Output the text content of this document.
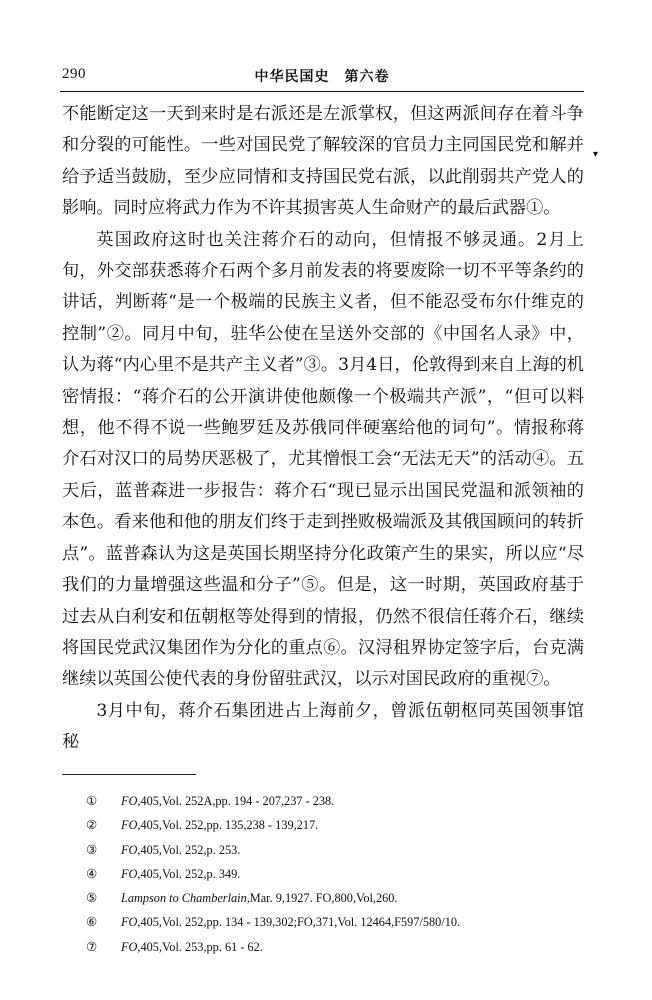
290	中华民国史　第六卷
▾

不能断定这一天到来时是右派还是左派掌权，但这两派间存在着斗争和分裂的可能性。一些对国民党了解较深的官员力主同国民党和解并给予适当鼓励，至少应同情和支持国民党右派，以此削弱共产党人的影响。同时应将武力作为不许其损害英人生命财产的最后武器①。

英国政府这时也关注蒋介石的动向，但情报不够灵通。2月上旬，外交部获悉蒋介石两个多月前发表的将要废除一切不平等条约的讲话，判断蒋“是一个极端的民族主义者，但不能忍受布尔什维克的控制”②。同月中旬，驻华公使在呈送外交部的《中国名人录》中，认为蒋“内心里不是共产主义者”③。3月4日，伦敦得到来自上海的机密情报：“蒋介石的公开演讲使他颇像一个极端共产派”，“但可以料想，他不得不说一些鲍罗廷及苏俄同伴硬塞给他的词句”。情报称蒋介石对汉口的局势厌恶极了，尤其憎恨工会“无法无天”的活动④。五天后，蓝普森进一步报告：蒋介石“现已显示出国民党温和派领袖的本色。看来他和他的朋友们终于走到挫败极端派及其俄国顾问的转折点”。蓝普森认为这是英国长期坚持分化政策产生的果实，所以应“尽我们的力量增强这些温和分子”⑤。但是，这一时期，英国政府基于过去从白利安和伍朝枢等处得到的情报，仍然不很信任蒋介石，继续将国民党武汉集团作为分化的重点⑥。汉浔租界协定签字后，台克满继续以英国公使代表的身份留驻武汉，以示对国民政府的重视⑦。

3月中旬，蒋介石集团进占上海前夕，曾派伍朝枢同英国领事馆秘

① FO,405,Vol. 252A,pp. 194 - 207,237 - 238.

② FO,405,Vol. 252,pp. 135,238 - 139,217.

③ FO,405,Vol. 252,p. 253.

④ FO,405,Vol. 252,p. 349.

⑤ Lampson to Chamberlain,Mar. 9,1927. FO,800,Vol,260.

⑥ FO,405,Vol. 252,pp. 134 - 139,302;FO,371,Vol. 12464,F597/580/10.

⑦ FO,405,Vol. 253,pp. 61 - 62.
